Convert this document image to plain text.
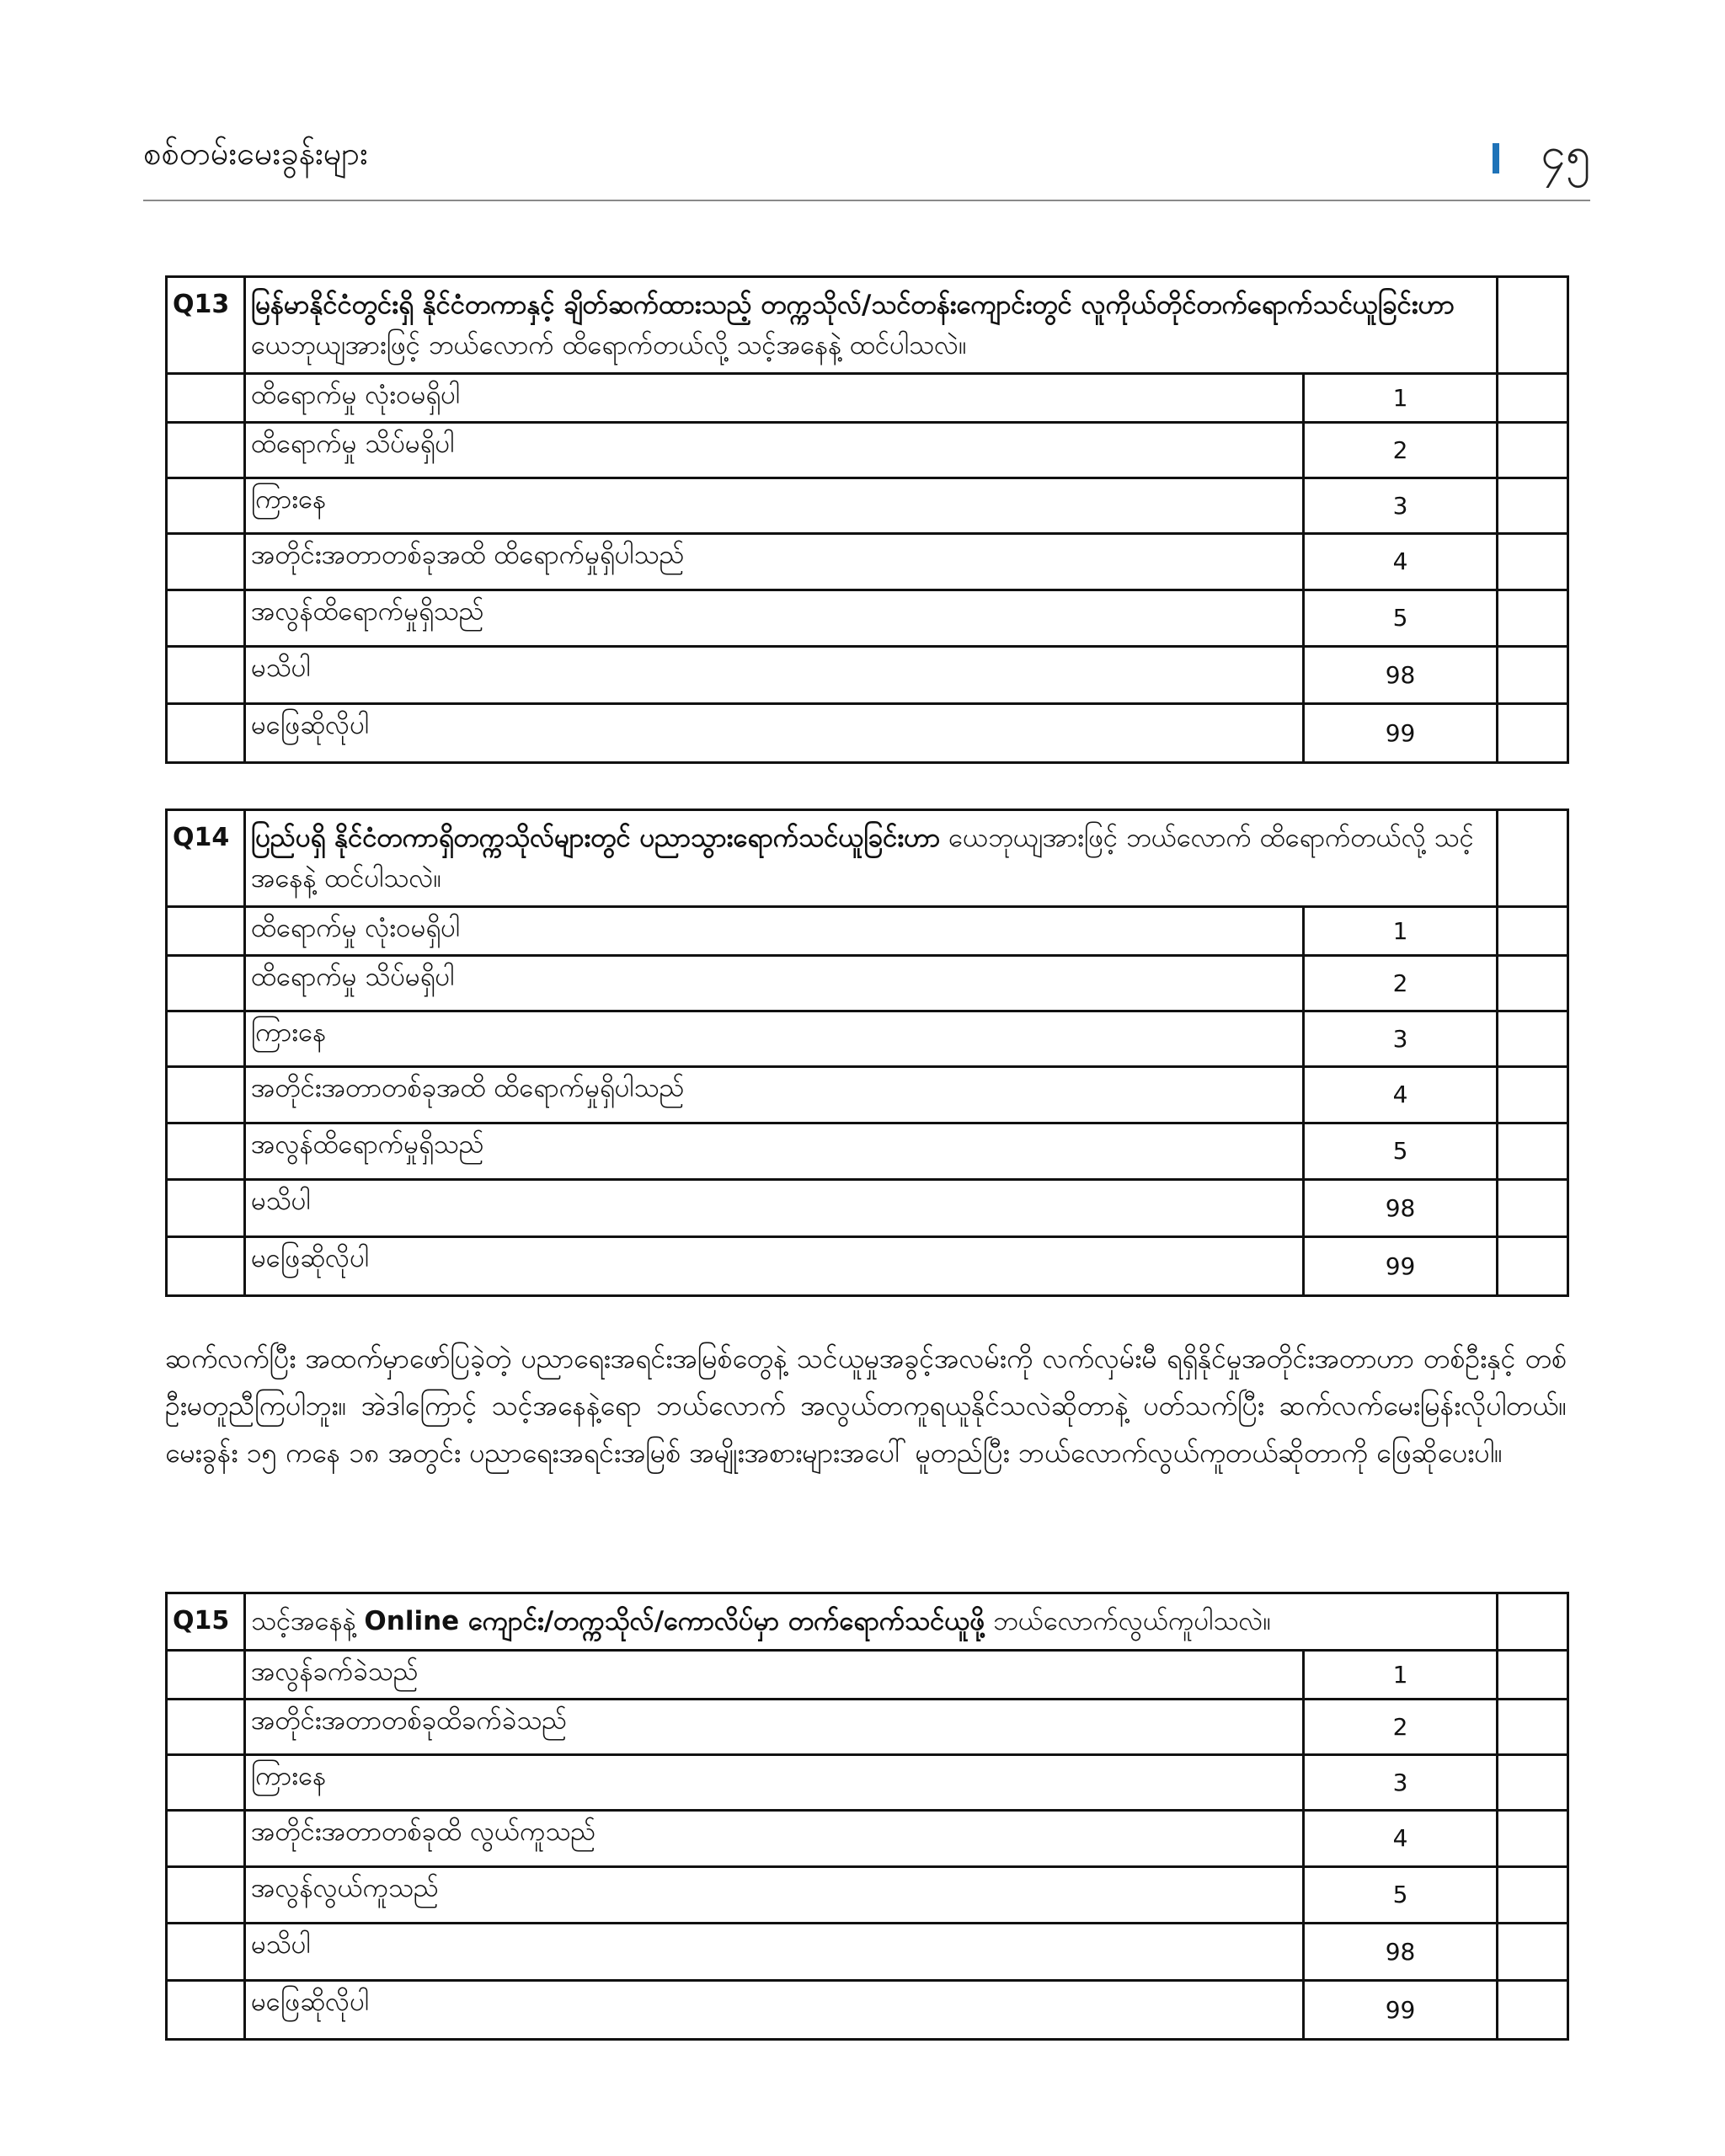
စစ်တမ်းမေးခွန်းများ	၄၅
Q13	မြန်မာနိုင်ငံတွင်းရှိ နိုင်ငံတကာနှင့် ချိတ်ဆက်ထားသည့် တက္ကသိုလ်/သင်တန်းကျောင်းတွင် လူကိုယ်တိုင်တက်ရောက်သင်ယူခြင်းဟာ ယေဘုယျအားဖြင့် ဘယ်လောက် ထိရောက်တယ်လို့ သင့်အနေနဲ့ ထင်ပါသလဲ။		
	ထိရောက်မှု လုံးဝမရှိပါ	1	
	ထိရောက်မှု သိပ်မရှိပါ	2	
	ကြားနေ	3	
	အတိုင်းအတာတစ်ခုအထိ ထိရောက်မှုရှိပါသည်	4	
	အလွန်ထိရောက်မှုရှိသည်	5	
	မသိပါ	98	
	မဖြေဆိုလိုပါ	99	
Q14	ပြည်ပရှိ နိုင်ငံတကာရှိတက္ကသိုလ်များတွင် ပညာသွားရောက်သင်ယူခြင်းဟာ ယေဘုယျအားဖြင့် ဘယ်လောက် ထိရောက်တယ်လို့ သင့်အနေနဲ့ ထင်ပါသလဲ။		
	ထိရောက်မှု လုံးဝမရှိပါ	1	
	ထိရောက်မှု သိပ်မရှိပါ	2	
	ကြားနေ	3	
	အတိုင်းအတာတစ်ခုအထိ ထိရောက်မှုရှိပါသည်	4	
	အလွန်ထိရောက်မှုရှိသည်	5	
	မသိပါ	98	
	မဖြေဆိုလိုပါ	99	
ဆက်လက်ပြီး အထက်မှာဖော်ပြခဲ့တဲ့ ပညာရေးအရင်းအမြစ်တွေနဲ့ သင်ယူမှုအခွင့်အလမ်းကို လက်လှမ်းမီ ရရှိနိုင်မှုအတိုင်းအတာဟာ တစ်ဦးနှင့် တစ်ဦးမတူညီကြပါဘူး။ အဲဒါကြောင့် သင့်အနေနဲ့ရော ဘယ်လောက် အလွယ်တကူရယူနိုင်သလဲဆိုတာနဲ့ ပတ်သက်ပြီး ဆက်လက်မေးမြန်းလိုပါတယ်။ မေးခွန်း ၁၅ ကနေ ၁၈ အတွင်း ပညာရေးအရင်းအမြစ် အမျိုးအစားများအပေါ် မူတည်ပြီး ဘယ်လောက်လွယ်ကူတယ်ဆိုတာကို ဖြေဆိုပေးပါ။
Q15	သင့်အနေနဲ့ Online ကျောင်း/တက္ကသိုလ်/ကောလိပ်မှာ တက်ရောက်သင်ယူဖို့ ဘယ်လောက်လွယ်ကူပါသလဲ။		
	အလွန်ခက်ခဲသည်	1	
	အတိုင်းအတာတစ်ခုထိခက်ခဲသည်	2	
	ကြားနေ	3	
	အတိုင်းအတာတစ်ခုထိ လွယ်ကူသည်	4	
	အလွန်လွယ်ကူသည်	5	
	မသိပါ	98	
	မဖြေဆိုလိုပါ	99	
